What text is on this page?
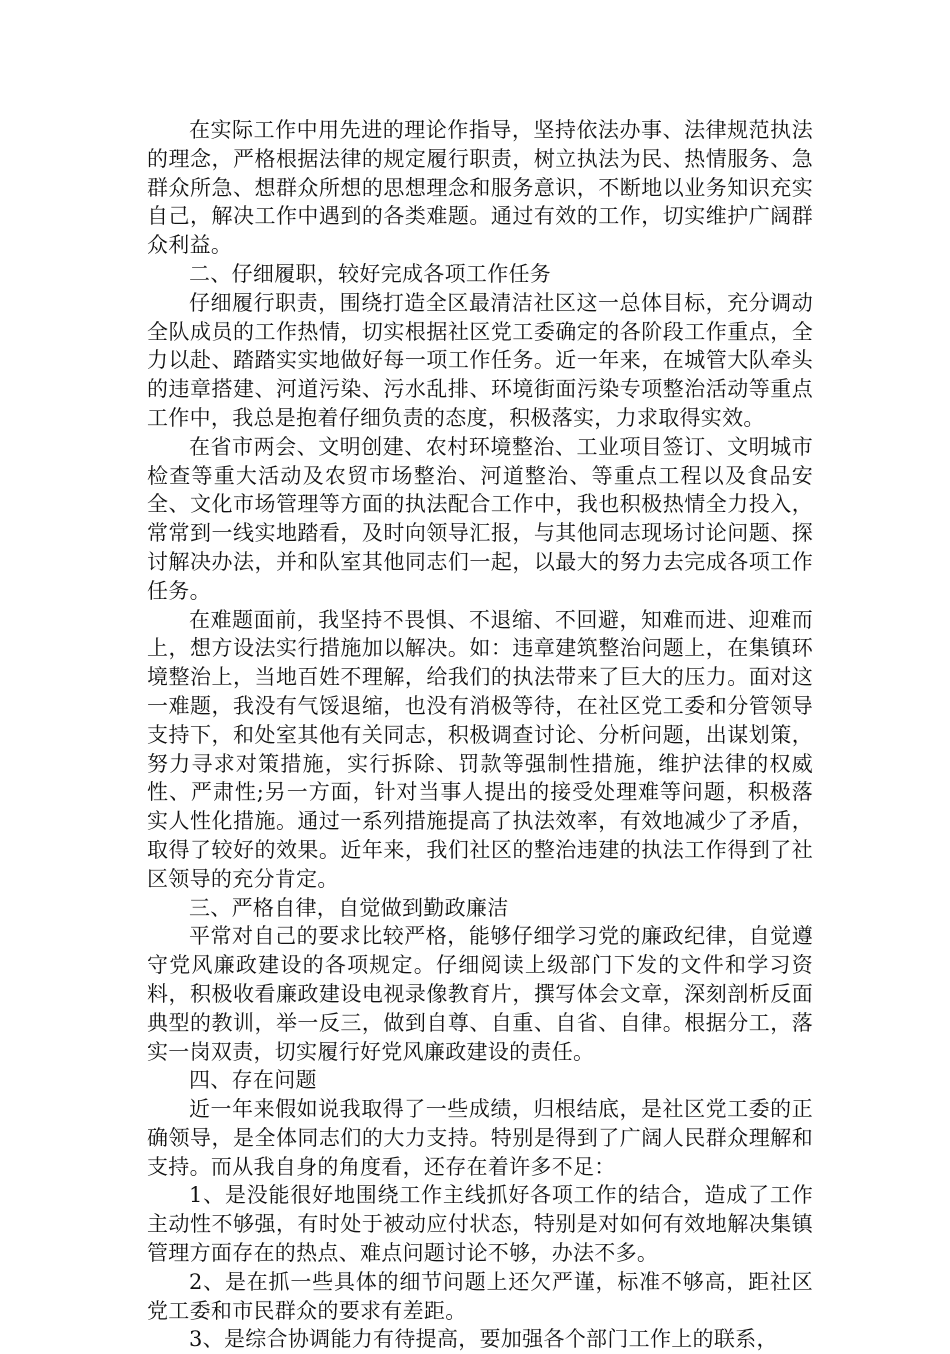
在实际工作中用先进的理论作指导，坚持依法办事、法律规范执法的理念，严格根据法律的规定履行职责，树立执法为民、热情服务、急群众所急、想群众所想的思想理念和服务意识，不断地以业务知识充实自己，解决工作中遇到的各类难题。通过有效的工作，切实维护广阔群众利益。

二、仔细履职，较好完成各项工作任务

仔细履行职责，围绕打造全区最清洁社区这一总体目标，充分调动全队成员的工作热情，切实根据社区党工委确定的各阶段工作重点，全力以赴、踏踏实实地做好每一项工作任务。近一年来，在城管大队牵头的违章搭建、河道污染、污水乱排、环境街面污染专项整治活动等重点工作中，我总是抱着仔细负责的态度，积极落实，力求取得实效。

在省市两会、文明创建、农村环境整治、工业项目签订、文明城市检查等重大活动及农贸市场整治、河道整治、等重点工程以及食品安全、文化市场管理等方面的执法配合工作中，我也积极热情全力投入，常常到一线实地踏看，及时向领导汇报，与其他同志现场讨论问题、探讨解决办法，并和队室其他同志们一起，以最大的努力去完成各项工作任务。

在难题面前，我坚持不畏惧、不退缩、不回避，知难而进、迎难而上，想方设法实行措施加以解决。如：违章建筑整治问题上，在集镇环境整治上，当地百姓不理解，给我们的执法带来了巨大的压力。面对这一难题，我没有气馁退缩，也没有消极等待，在社区党工委和分管领导支持下，和处室其他有关同志，积极调查讨论、分析问题，出谋划策，努力寻求对策措施，实行拆除、罚款等强制性措施，维护法律的权威性、严肃性;另一方面，针对当事人提出的接受处理难等问题，积极落实人性化措施。通过一系列措施提高了执法效率，有效地减少了矛盾，取得了较好的效果。近年来，我们社区的整治违建的执法工作得到了社区领导的充分肯定。

三、严格自律，自觉做到勤政廉洁

平常对自己的要求比较严格，能够仔细学习党的廉政纪律，自觉遵守党风廉政建设的各项规定。仔细阅读上级部门下发的文件和学习资料，积极收看廉政建设电视录像教育片，撰写体会文章，深刻剖析反面典型的教训，举一反三，做到自尊、自重、自省、自律。根据分工，落实一岗双责，切实履行好党风廉政建设的责任。

四、存在问题

近一年来假如说我取得了一些成绩，归根结底，是社区党工委的正确领导，是全体同志们的大力支持。特别是得到了广阔人民群众理解和支持。而从我自身的角度看，还存在着许多不足：

1、是没能很好地围绕工作主线抓好各项工作的结合，造成了工作主动性不够强，有时处于被动应付状态，特别是对如何有效地解决集镇管理方面存在的热点、难点问题讨论不够，办法不多。

2、是在抓一些具体的细节问题上还欠严谨，标准不够高，距社区党工委和市民群众的要求有差距。

3、是综合协调能力有待提高，要加强各个部门工作上的联系，
